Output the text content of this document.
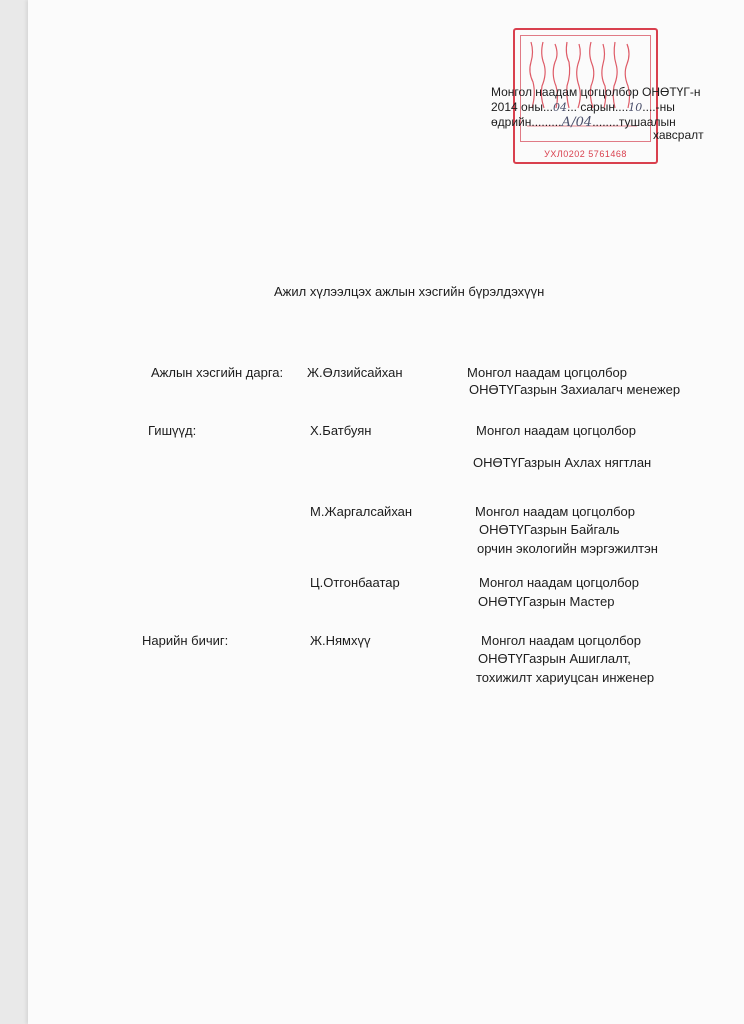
УХЛ0202 5761468
Монгол наадам цогцолбор ОНӨТҮГ-н
2014 оны...04... сарын....10....-ны
өдрийн.........А/04........тушаалын
хавсралт
Ажил хүлээлцэх ажлын хэсгийн бүрэлдэхүүн
Ажлын хэсгийн дарга: Ж.Өлзийсайхан	Монгол наадам цогцолбор
ОНӨТҮГазрын Захиалагч менежер
Гишүүд:	Х.Батбуян	Монгол наадам цогцолбор
ОНӨТҮГазрын Ахлах нягтлан
М.Жаргалсайхан	Монгол наадам цогцолбор
ОНӨТҮГазрын Байгаль
орчин экологийн мэргэжилтэн
Ц.Отгонбаатар	Монгол наадам цогцолбор
ОНӨТҮГазрын Мастер
Нарийн бичиг:	Ж.Нямхүү	Монгол наадам цогцолбор
ОНӨТҮГазрын Ашиглалт,
тохижилт хариуцсан инженер
